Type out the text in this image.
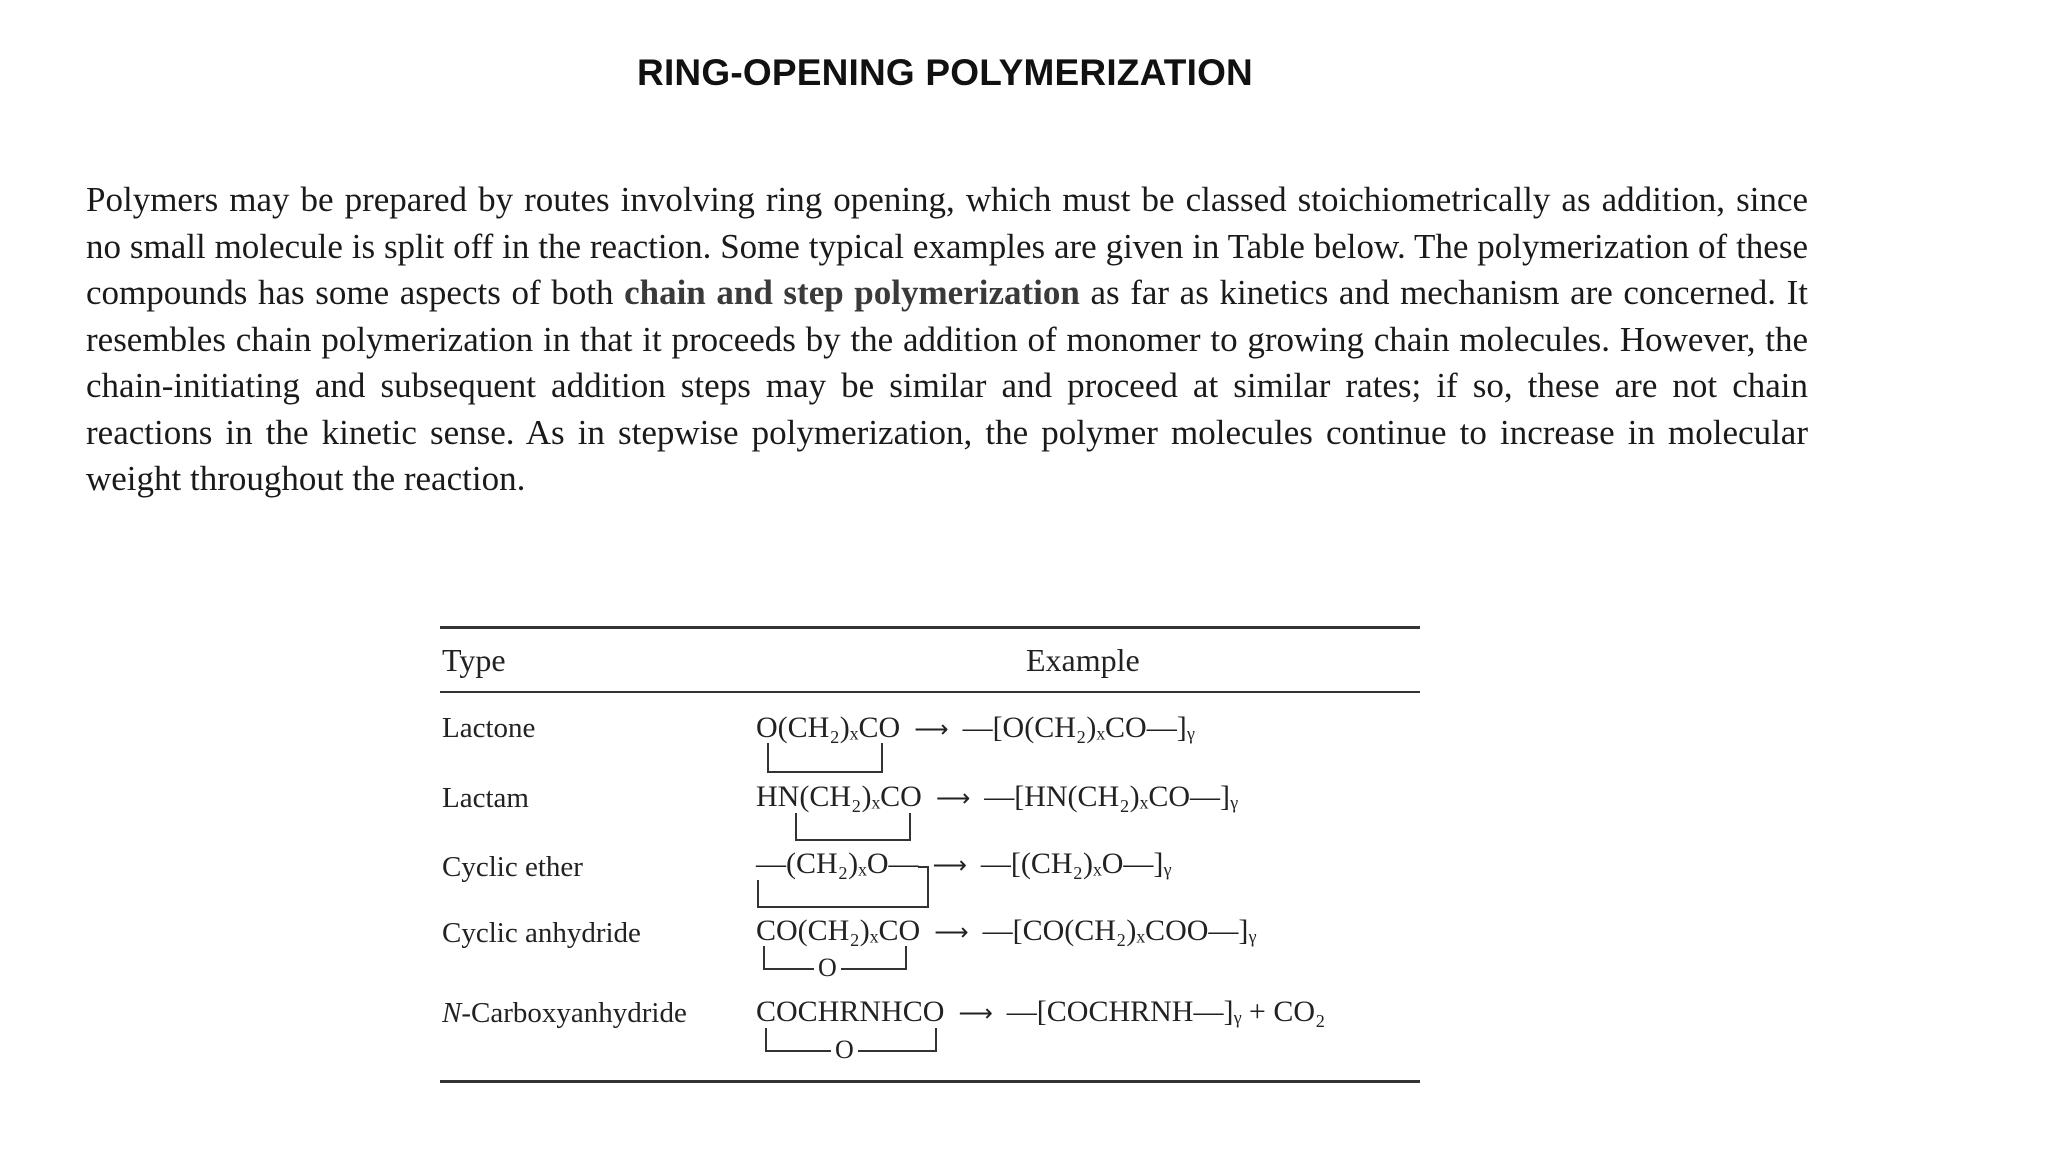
RING-OPENING POLYMERIZATION
Polymers may be prepared by routes involving ring opening, which must be classed stoichiometrically as addition, since no small molecule is split off in the reaction. Some typical examples are given in Table below. The polymerization of these compounds has some aspects of both chain and step polymerization as far as kinetics and mechanism are concerned. It resembles chain polymerization in that it proceeds by the addition of monomer to growing chain molecules. However, the chain-initiating and subsequent addition steps may be similar and proceed at similar rates; if so, these are not chain reactions in the kinetic sense. As in stepwise polymerization, the polymer molecules continue to increase in molecular weight throughout the reaction.
Type	Example
Lactone	O(CH₂)ₓCO ⟶ —[O(CH₂)ₓCO—]ᵧ
Lactam	HN(CH₂)ₓCO ⟶ —[HN(CH₂)ₓCO—]ᵧ
Cyclic ether	—(CH₂)ₓO— ⟶ —[(CH₂)ₓO—]ᵧ
Cyclic anhydride	CO(CH₂)ₓCO ⟶ —[CO(CH₂)ₓCOO—]ᵧ
O
N-Carboxyanhydride COCHRNHCO ⟶ —[COCHRNH—]ᵧ + CO₂
O
